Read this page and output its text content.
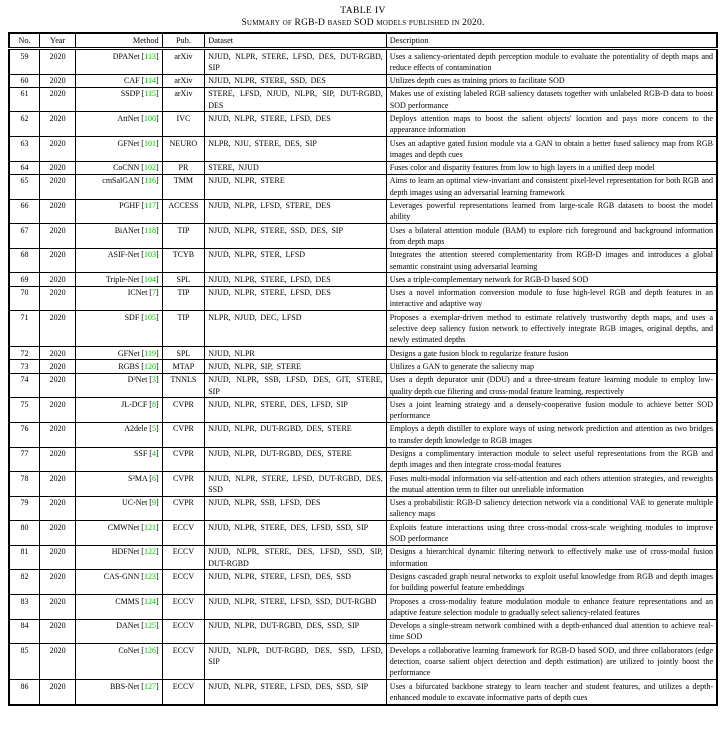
TABLE IV
Summary of RGB-D based SOD models published in 2020.
No.	Year	Method	Pub.	Dataset	Description
59	2020	DPANet [113]	arXiv	NJUD, NLPR, STERE, LFSD, DES, DUT-RGBD, SIP	Uses a saliency-orientated depth perception module to evaluate the potentiality of depth maps and reduce effects of contamination
60	2020	CAF [114]	arXiv	NJUD, NLPR, STERE, SSD, DES	Utilizes depth cues as training priors to facilitate SOD
61	2020	SSDP [115]	arXiv	STERE, LFSD, NJUD, NLPR, SIP, DUT-RGBD, DES	Makes use of existing labeled RGB saliency datasets together with unlabeled RGB-D data to boost SOD performance
62	2020	AttNet [100]	IVC	NJUD, NLPR, STERE, LFSD, DES	Deploys attention maps to boost the salient objects' location and pays more concern to the appearance information
63	2020	GFNet [101]	NEURO	NLPR, NJU, STERE, DES, SIP	Uses an adaptive gated fusion module via a GAN to obtain a better fused saliency map from RGB images and depth cues
64	2020	CoCNN [102]	PR	STERE, NJUD	Fuses color and disparity features from low to high layers in a unified deep model
65	2020	cmSalGAN [116]	TMM	NJUD, NLPR, STERE	Aims to learn an optimal view-invariant and consistent pixel-level representation for both RGB and depth images using an adversarial learning framework
66	2020	PGHF [117]	ACCESS	NJUD, NLPR, LFSD, STERE, DES	Leverages powerful representations learned from large-scale RGB datasets to boost the model ability
67	2020	BiANet [118]	TIP	NJUD, NLPR, STERE, SSD, DES, SIP	Uses a bilateral attention module (BAM) to explore rich foreground and background information from depth maps
68	2020	ASIF-Net [103]	TCYB	NJUD, NLPR, STER, LFSD	Integrates the attention steered complementarity from RGB-D images and introduces a global semantic constraint using adversarial learning
69	2020	Triple-Net [104]	SPL	NJUD, NLPR, STERE, LFSD, DES	Uses a triple-complementary network for RGB-D based SOD
70	2020	ICNet [7]	TIP	NJUD, NLPR, STERE, LFSD, DES	Uses a novel information conversion module to fuse high-level RGB and depth features in an interactive and adaptive way
71	2020	SDF [105]	TIP	NLPR, NJUD, DEC, LFSD	Proposes a exemplar-driven method to estimate relatively trustworthy depth maps, and uses a selective deep saliency fusion network to effectively integrate RGB images, original depths, and newly estimated depths
72	2020	GFNet [119]	SPL	NJUD, NLPR	Designs a gate fusion block to regularize feature fusion
73	2020	RGBS [120]	MTAP	NJUD, NLPR, SIP, STERE	Utilizes a GAN to generate the saliecny map
74	2020	D³Net [3]	TNNLS	NJUD, NLPR, SSB, LFSD, DES, GIT, STERE, SIP	Uses a depth depurator unit (DDU) and a three-stream feature learning module to employ low-quality depth cue filtering and cross-modal feature learning, respectively
75	2020	JL-DCF [8]	CVPR	NJUD, NLPR, STERE, DES, LFSD, SIP	Uses a joint learning strategy and a densely-cooperative fusion module to achieve better SOD performance
76	2020	A2dele [5]	CVPR	NJUD, NLPR, DUT-RGBD, DES, STERE	Employs a depth distiller to explore ways of using network prediction and attention as two bridges to transfer depth knowledge to RGB images
77	2020	SSF [4]	CVPR	NJUD, NLPR, DUT-RGBD, DES, STERE	Designs a complimentary interaction module to select useful representations from the RGB and depth images and then integrate cross-modal features
78	2020	S²MA [6]	CVPR	NJUD, NLPR, STERE, LFSD, DUT-RGBD, DES, SSD	Fuses multi-modal information via self-attention and each others attention strategies, and reweights the mutual attention term to filter out unreliable information
79	2020	UC-Net [9]	CVPR	NJUD, NLPR, SSB, LFSD, DES	Uses a probabilistic RGB-D saliency detection network via a conditional VAE to generate multiple saliency maps
80	2020	CMWNet [121]	ECCV	NJUD, NLPR, STERE, DES, LFSD, SSD, SIP	Exploits feature interactions using three cross-modal cross-scale weighting modules to improve SOD performance
81	2020	HDFNet [122]	ECCV	NJUD, NLPR, STERE, DES, LFSD, SSD, SIP, DUT-RGBD	Designs a hierarchical dynamic filtering network to effectively make use of cross-modal fusion information
82	2020	CAS-GNN [123]	ECCV	NJUD, NLPR, STERE, LFSD, DES, SSD	Designs cascaded graph neural networks to exploit useful knowledge from RGB and depth images for building powerful feature embeddings
83	2020	CMMS [124]	ECCV	NJUD, NLPR, STERE, LFSD, SSD, DUT-RGBD	Proposes a cross-modality feature modulation module to enhance feature representations and an adaptive feature selection module to gradually select saliency-related features
84	2020	DANet [125]	ECCV	NJUD, NLPR, DUT-RGBD, DES, SSD, SIP	Develops a single-stream network combined with a depth-enhanced dual attention to achieve real-time SOD
85	2020	CoNet [126]	ECCV	NJUD, NLPR, DUT-RGBD, DES, SSD, LFSD, SIP	Develops a collaborative learning framework for RGB-D based SOD, and three collaborators (edge detection, coarse salient object detection and depth estimation) are utilized to jointly boost the performance
86	2020	BBS-Net [127]	ECCV	NJUD, NLPR, STERE, LFSD, DES, SSD, SIP	Uses a bifurcated backbone strategy to learn teacher and student features, and utilizes a depth-enhanced module to excavate informative parts of depth cues
